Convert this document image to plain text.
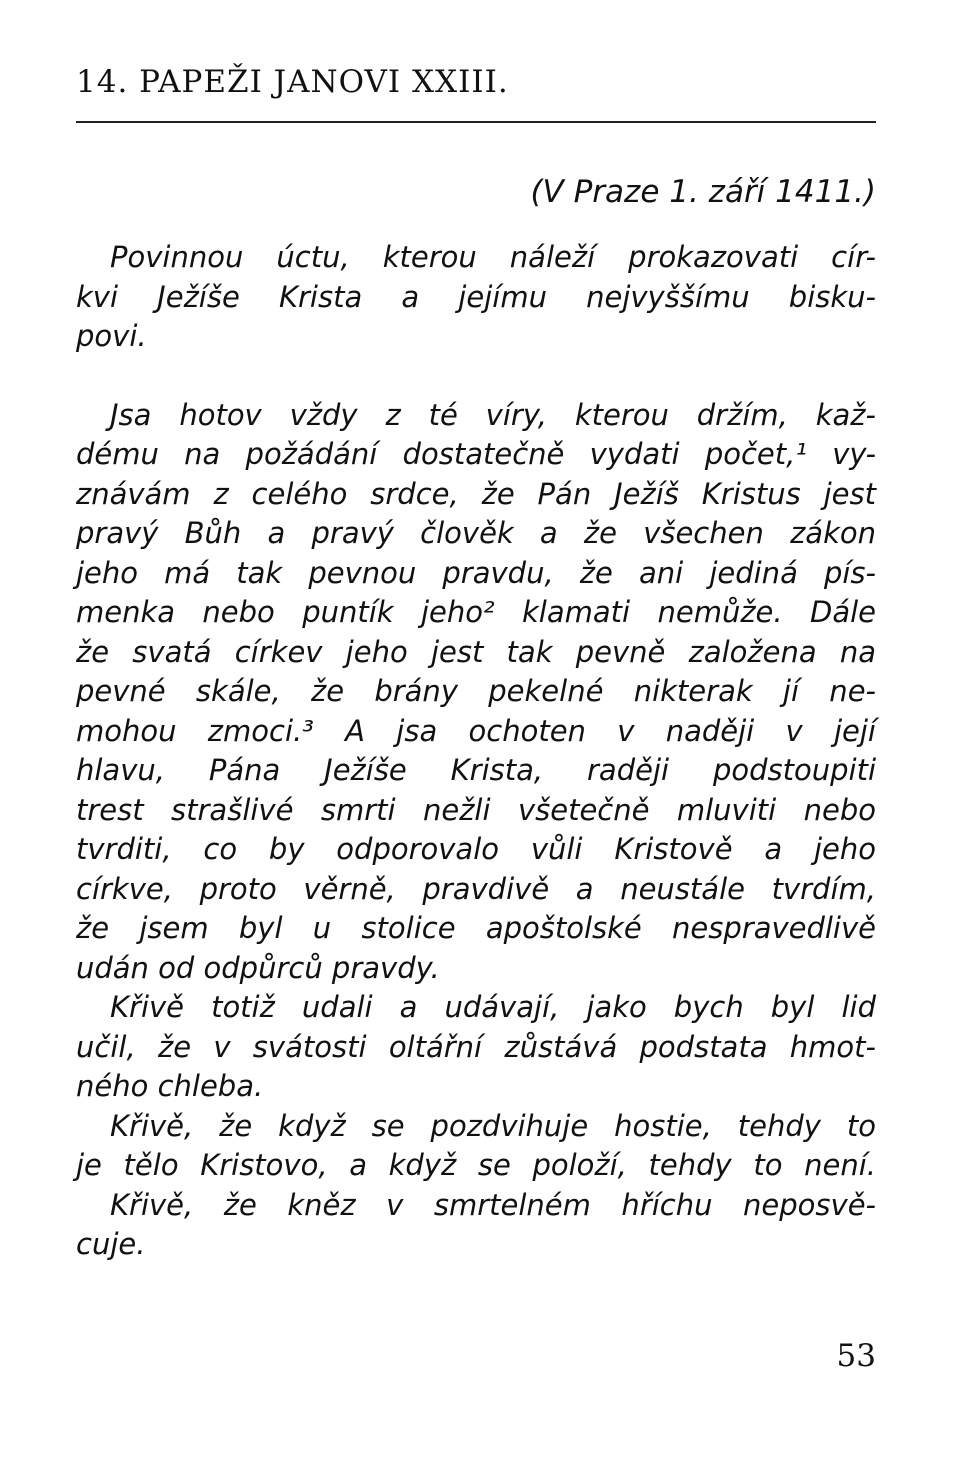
14. PAPEŽI JANOVI XXIII.
(V Praze 1. září 1411.)
Povinnou úctu, kterou náleží prokazovati cír-
kvi Ježíše Krista a jejímu nejvyššímu bisku-
povi.
Jsa hotov vždy z té víry, kterou držím, kaž-
dému na požádání dostatečně vydati počet,¹ vy-
znávám z celého srdce, že Pán Ježíš Kristus jest
pravý Bůh a pravý člověk a že všechen zákon
jeho má tak pevnou pravdu, že ani jediná pís-
menka nebo puntík jeho² klamati nemůže. Dále
že svatá církev jeho jest tak pevně založena na
pevné skále, že brány pekelné nikterak jí ne-
mohou zmoci.³ A jsa ochoten v naději v její
hlavu, Pána Ježíše Krista, raději podstoupiti
trest strašlivé smrti nežli všetečně mluviti nebo
tvrditi, co by odporovalo vůli Kristově a jeho
církve, proto věrně, pravdivě a neustále tvrdím,
že jsem byl u stolice apoštolské nespravedlivě
udán od odpůrců pravdy.
Křivě totiž udali a udávají, jako bych byl lid
učil, že v svátosti oltářní zůstává podstata hmot-
ného chleba.
Křivě, že když se pozdvihuje hostie, tehdy to
je tělo Kristovo, a když se položí, tehdy to není.
Křivě, že kněz v smrtelném hříchu neposvě-
cuje.
53
